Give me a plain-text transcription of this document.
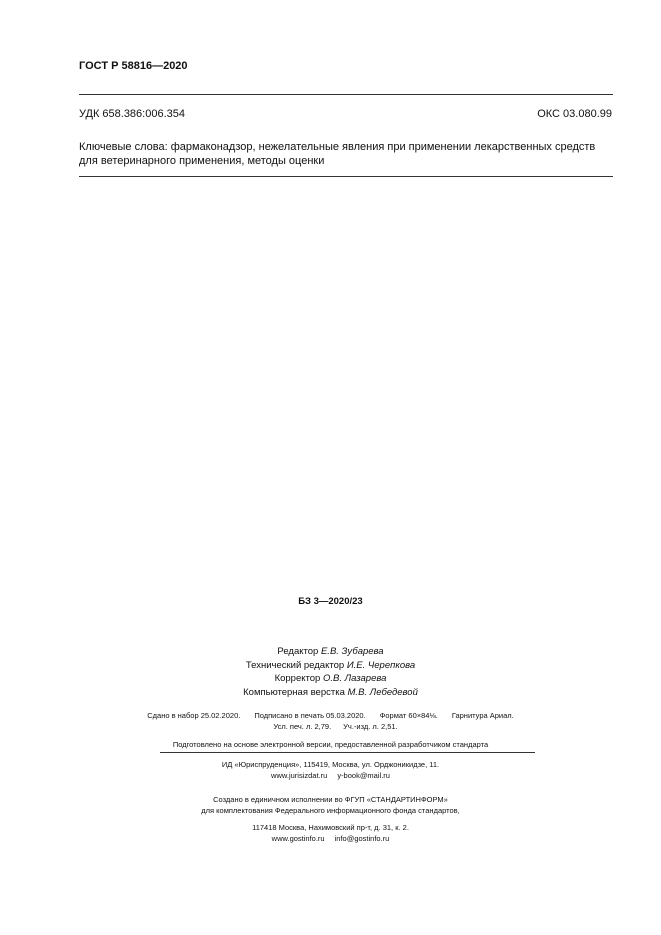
ГОСТ Р 58816—2020
УДК 658.386:006.354	ОКС 03.080.99
Ключевые слова: фармаконадзор, нежелательные явления при применении лекарственных средств для ветеринарного применения, методы оценки
БЗ 3—2020/23
Редактор Е.В. Зубарева
Технический редактор И.Е. Черепкова
Корректор О.В. Лазарева
Компьютерная верстка М.В. Лебедевой
Сдано в набор 25.02.2020. Подписано в печать 05.03.2020. Формат 60×84⅛. Гарнитура Ариал.
Усл. печ. л. 2,79. Уч.-изд. л. 2,51.
Подготовлено на основе электронной версии, предоставленной разработчиком стандарта
ИД «Юриспруденция», 115419, Москва, ул. Орджоникидзе, 11.
www.jurisizdat.ru y-book@mail.ru
Создано в единичном исполнении во ФГУП «СТАНДАРТИНФОРМ»
для комплектования Федерального информационного фонда стандартов,
117418 Москва, Нахимовский пр-т, д. 31, к. 2.
www.gostinfo.ru info@gostinfo.ru
